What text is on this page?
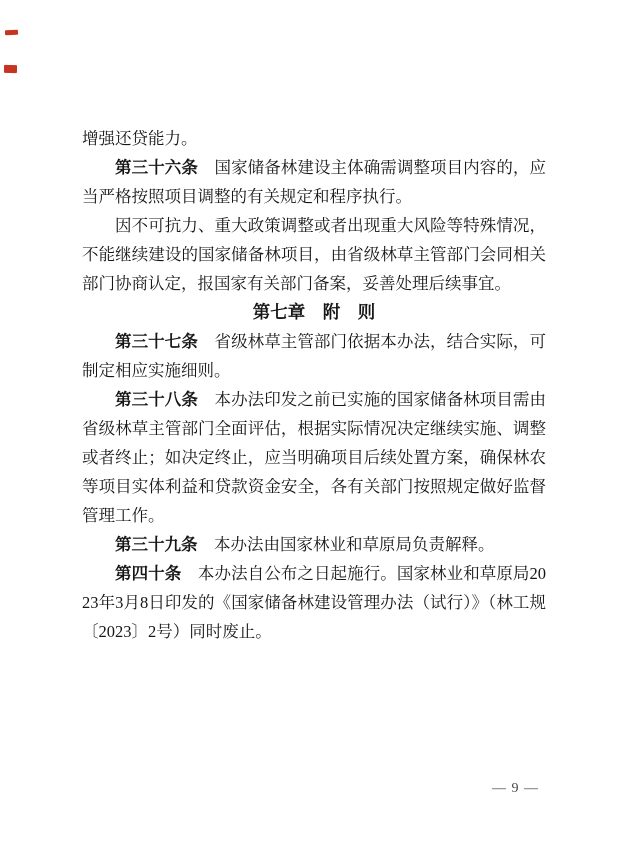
增强还贷能力。

第三十六条　国家储备林建设主体确需调整项目内容的，应当严格按照项目调整的有关规定和程序执行。

因不可抗力、重大政策调整或者出现重大风险等特殊情况，不能继续建设的国家储备林项目，由省级林草主管部门会同相关部门协商认定，报国家有关部门备案，妥善处理后续事宜。

第七章　附　则

第三十七条　省级林草主管部门依据本办法，结合实际，可制定相应实施细则。

第三十八条　本办法印发之前已实施的国家储备林项目需由省级林草主管部门全面评估，根据实际情况决定继续实施、调整或者终止；如决定终止，应当明确项目后续处置方案，确保林农等项目实体利益和贷款资金安全，各有关部门按照规定做好监督管理工作。

第三十九条　本办法由国家林业和草原局负责解释。

第四十条　本办法自公布之日起施行。国家林业和草原局2023年3月8日印发的《国家储备林建设管理办法（试行）》（林工规〔2023〕2号）同时废止。

— 9 —
